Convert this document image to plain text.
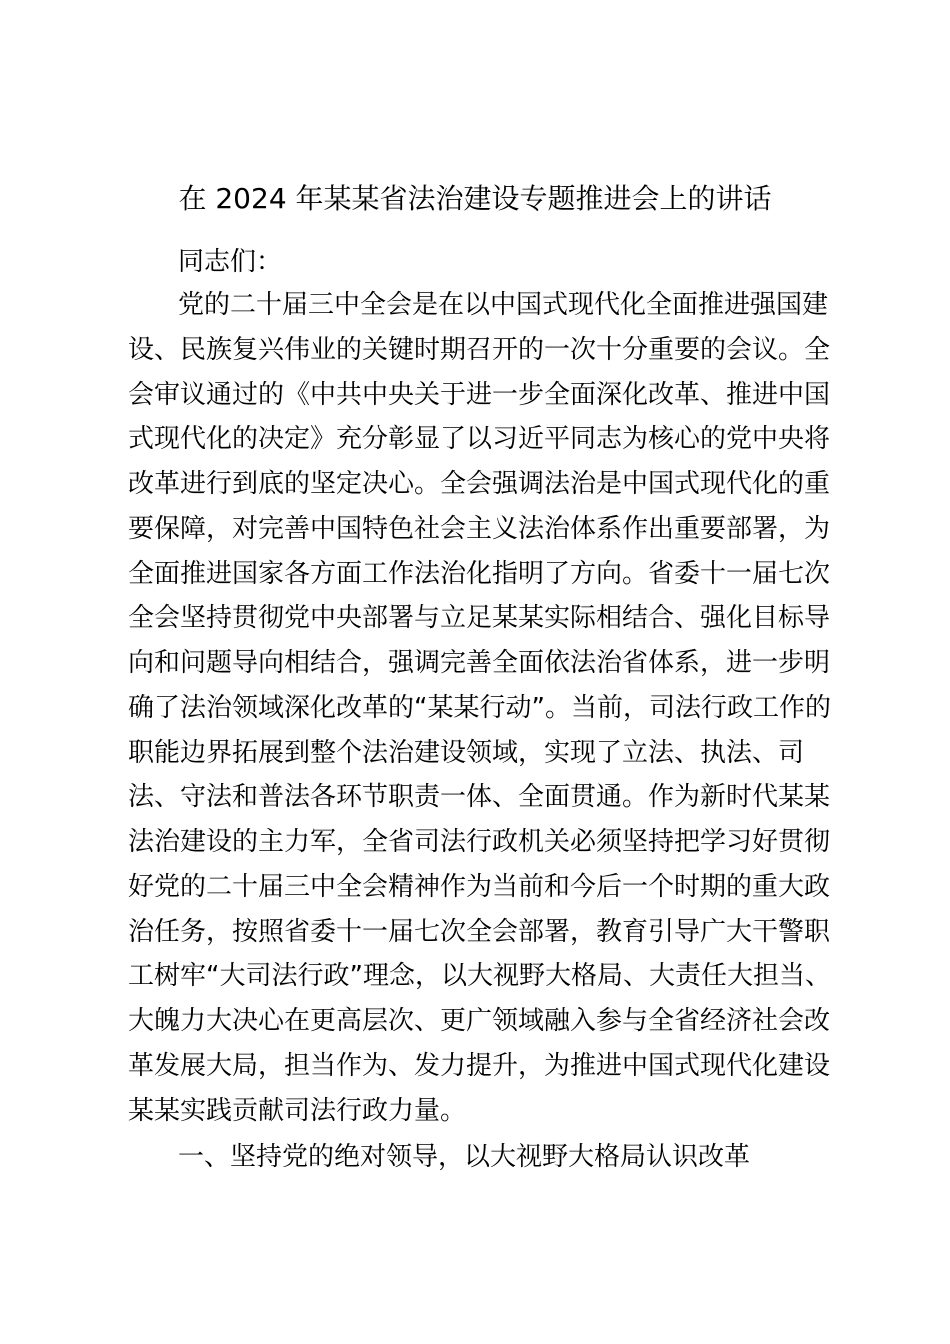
在 2024 年某某省法治建设专题推进会上的讲话
同志们：
党的二十届三中全会是在以中国式现代化全面推进强国建
设、民族复兴伟业的关键时期召开的一次十分重要的会议。全
会审议通过的《中共中央关于进一步全面深化改革、推进中国
式现代化的决定》充分彰显了以习近平同志为核心的党中央将
改革进行到底的坚定决心。全会强调法治是中国式现代化的重
要保障，对完善中国特色社会主义法治体系作出重要部署，为
全面推进国家各方面工作法治化指明了方向。省委十一届七次
全会坚持贯彻党中央部署与立足某某实际相结合、强化目标导
向和问题导向相结合，强调完善全面依法治省体系，进一步明
确了法治领域深化改革的“某某行动”。当前，司法行政工作的
职能边界拓展到整个法治建设领域，实现了立法、执法、司
法、守法和普法各环节职责一体、全面贯通。作为新时代某某
法治建设的主力军，全省司法行政机关必须坚持把学习好贯彻
好党的二十届三中全会精神作为当前和今后一个时期的重大政
治任务，按照省委十一届七次全会部署，教育引导广大干警职
工树牢“大司法行政”理念，以大视野大格局、大责任大担当、
大魄力大决心在更高层次、更广领域融入参与全省经济社会改
革发展大局，担当作为、发力提升，为推进中国式现代化建设
某某实践贡献司法行政力量。
一、坚持党的绝对领导，以大视野大格局认识改革
